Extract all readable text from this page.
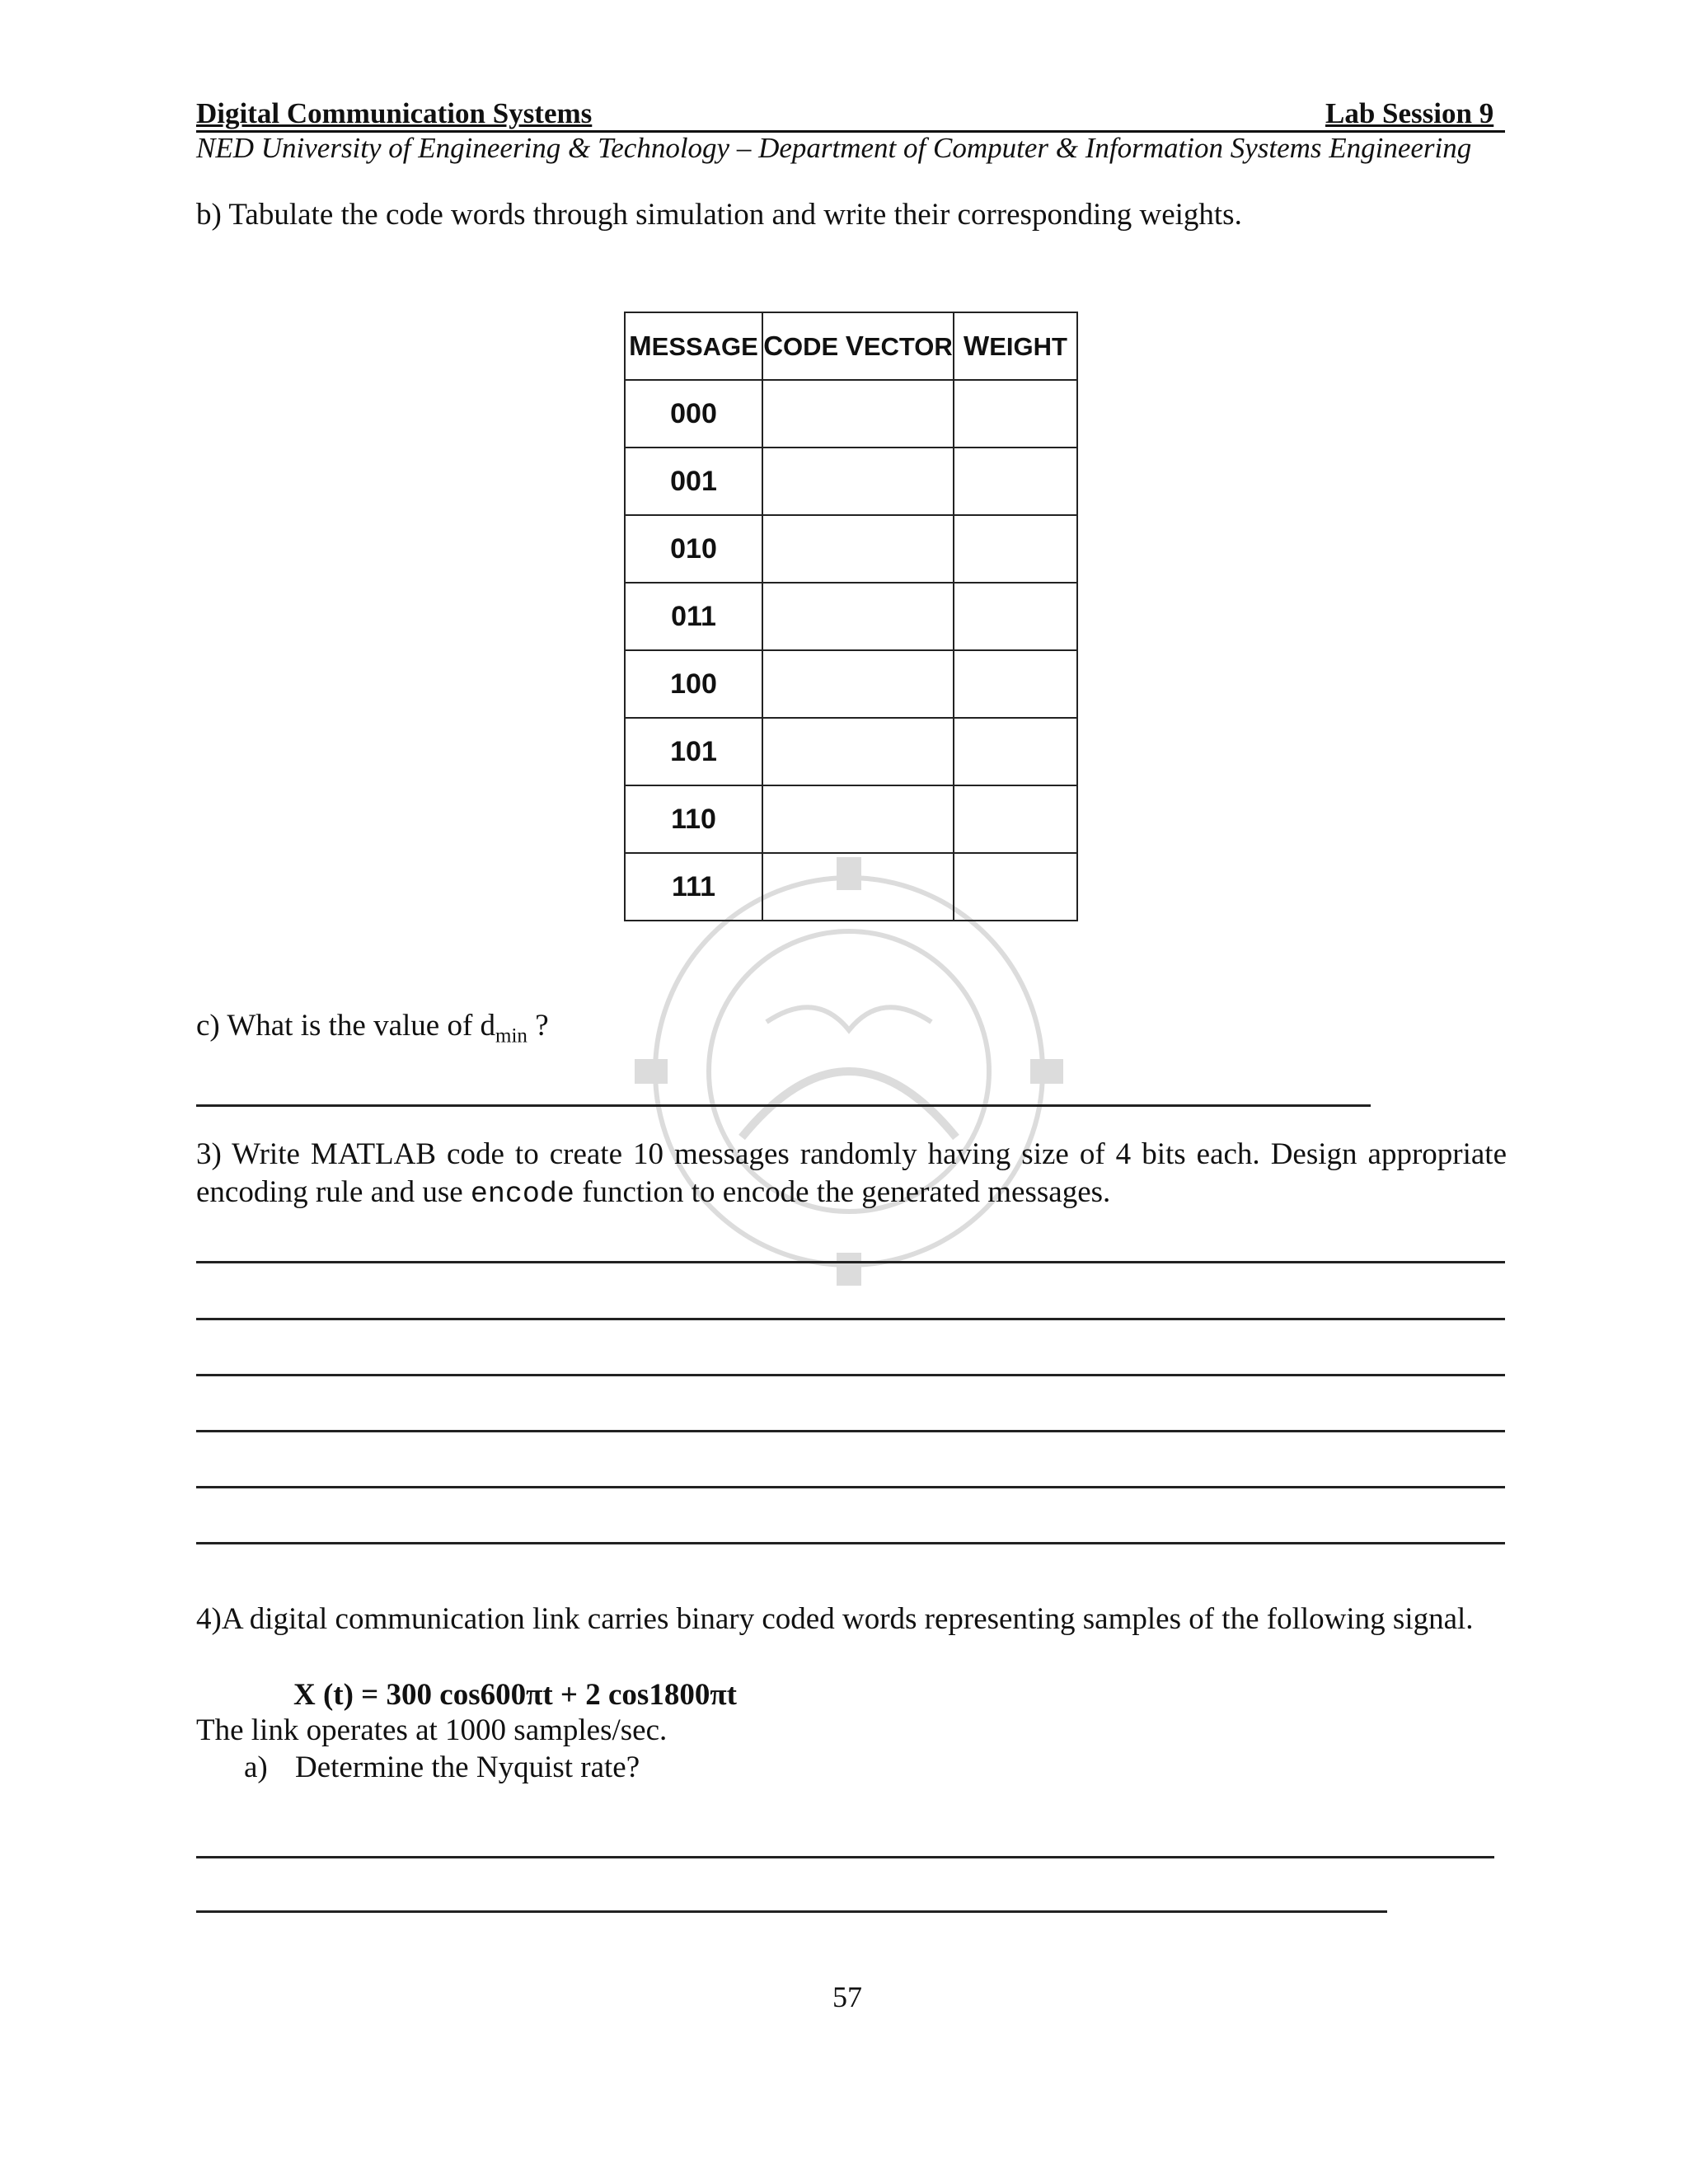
Digital Communication Systems	Lab Session 9
NED University of Engineering & Technology – Department of Computer & Information Systems Engineering
b) Tabulate the code words through simulation and write their corresponding weights.
MESSAGE	CODE VECTOR	WEIGHT
000		
001		
010		
011		
100		
101		
110		
111		
c) What is the value of $d_{min}$ ?
3) Write MATLAB code to create 10 messages randomly having size of 4 bits each. Design appropriate encoding rule and use encode function to encode the generated messages.
4)A digital communication link carries binary coded words representing samples of the following signal.
X (t) = 300 cos600πt + 2 cos1800πt
The link operates at 1000 samples/sec.
a) Determine the Nyquist rate?
57
